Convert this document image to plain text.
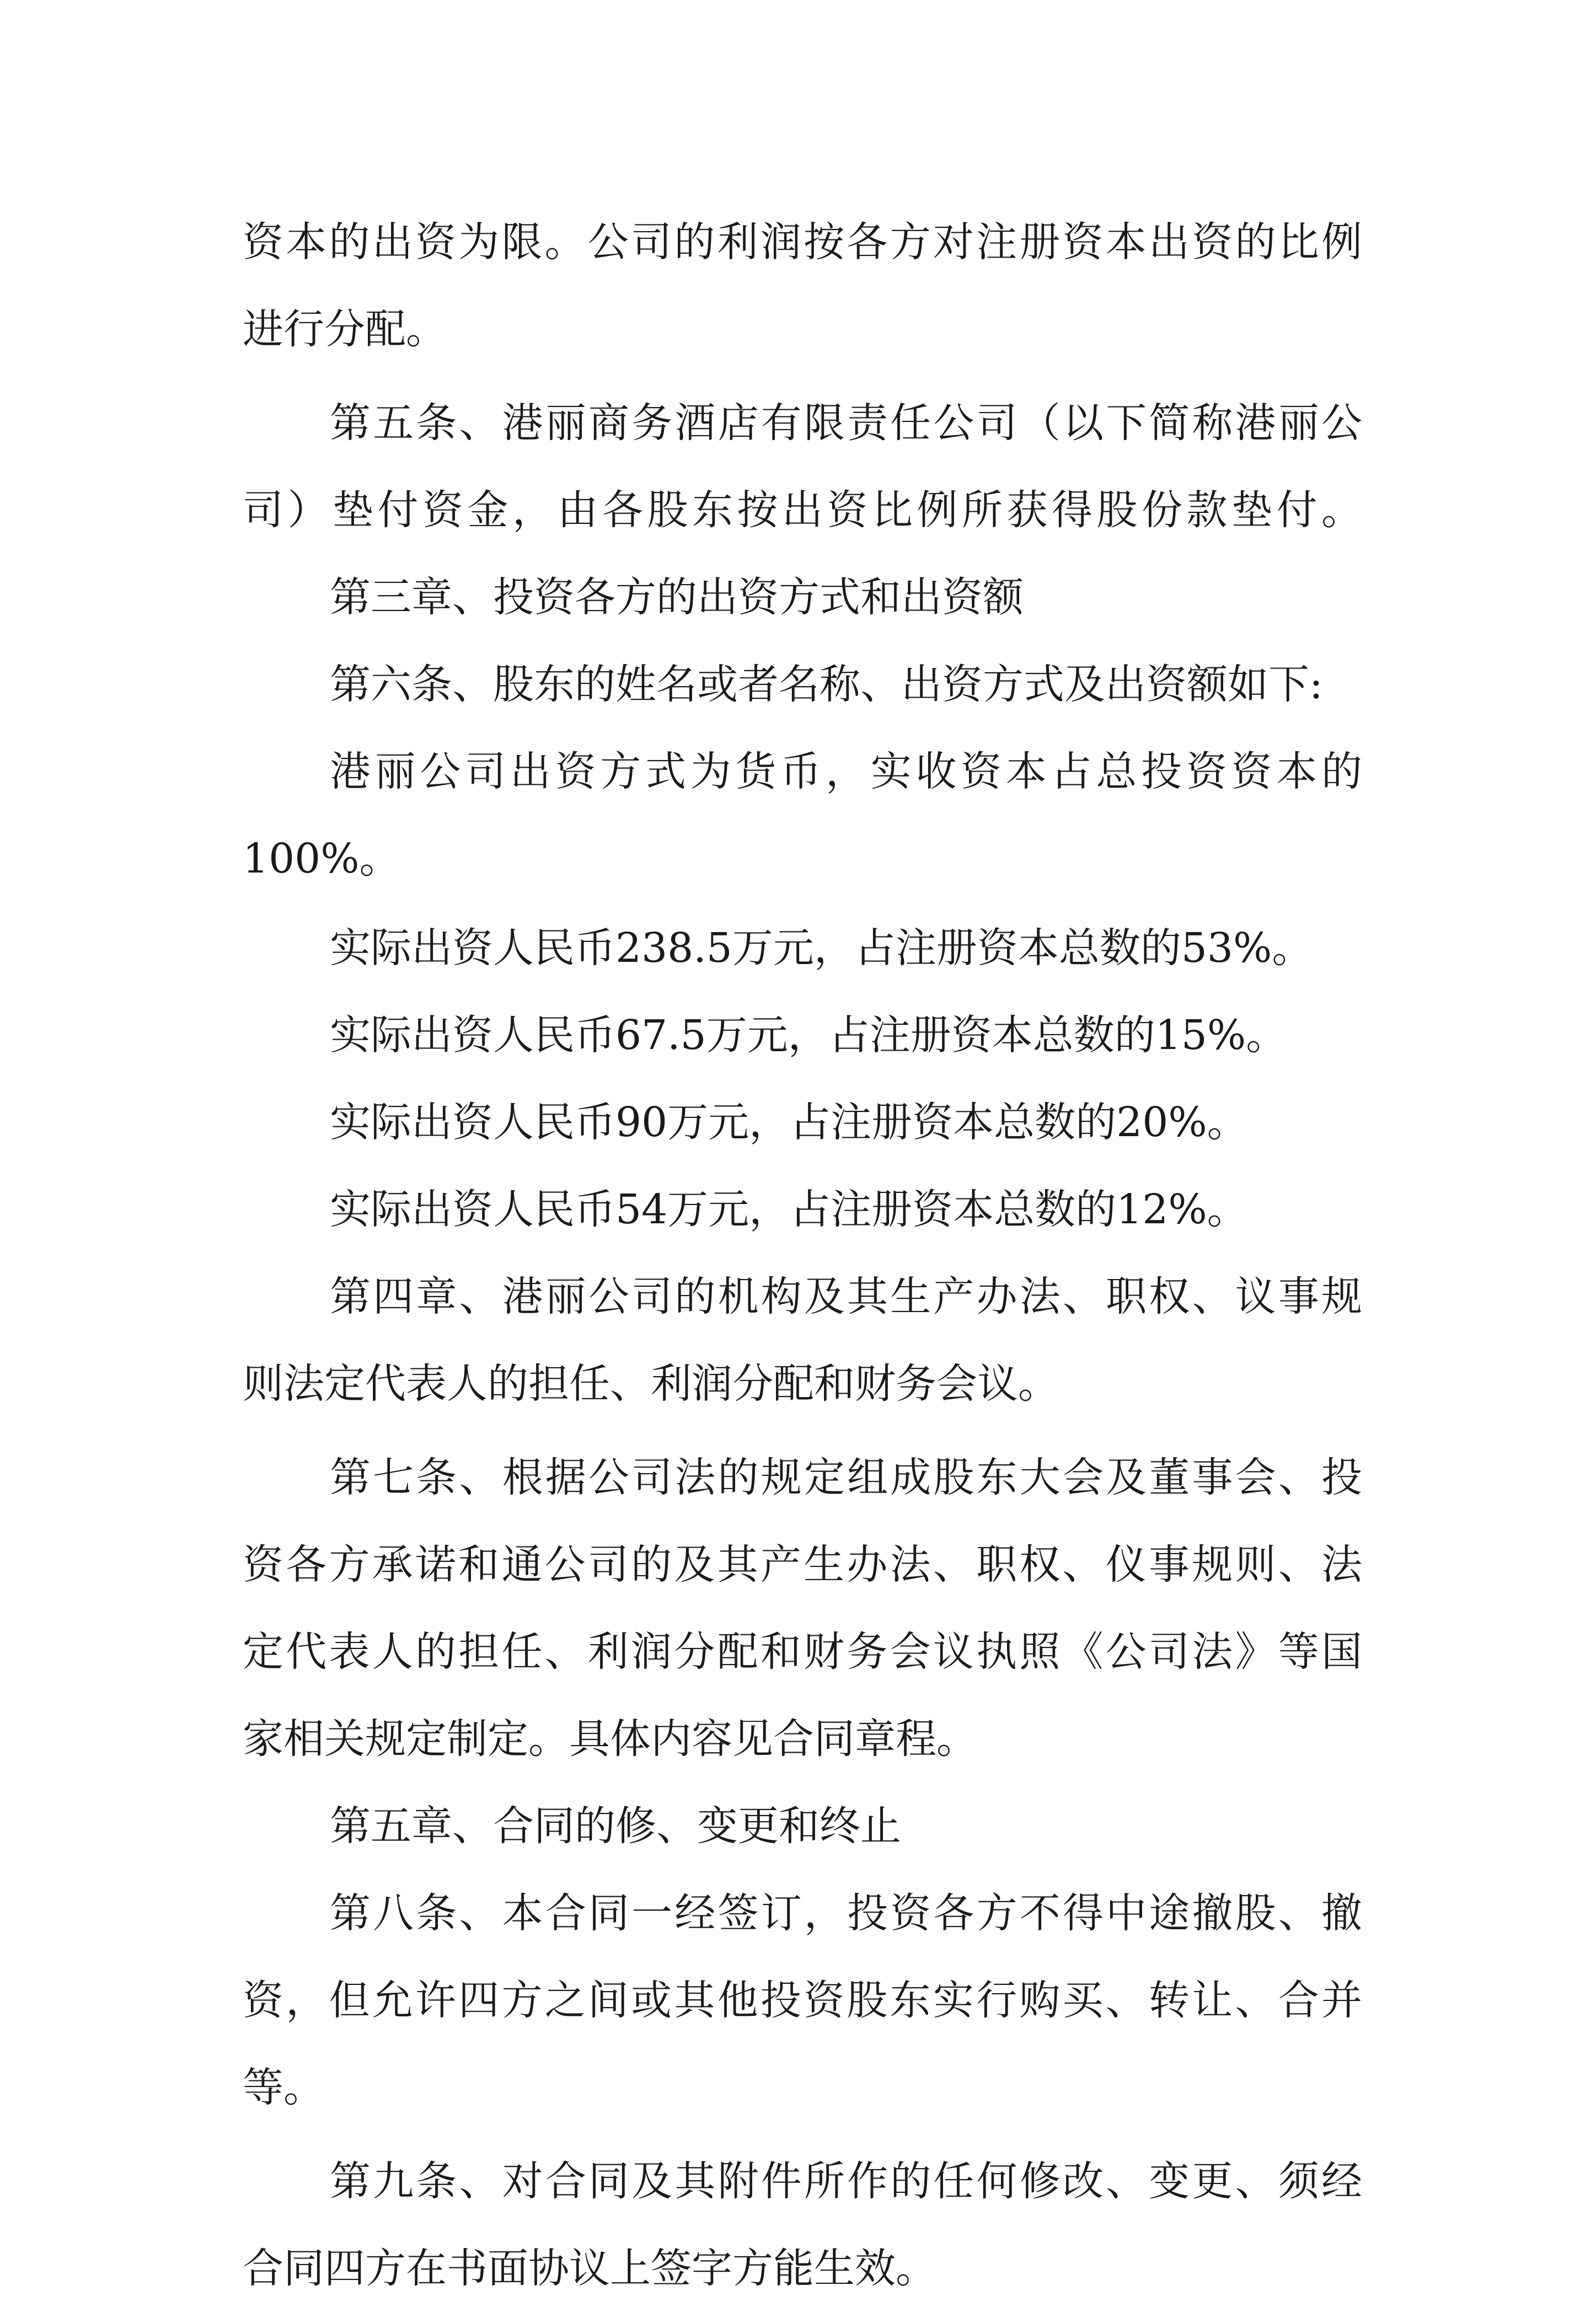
资本的出资为限。公司的利润按各方对注册资本出资的比例
进行分配。
第五条、港丽商务酒店有限责任公司（以下简称港丽公
司）垫付资金，由各股东按出资比例所获得股份款垫付。
第三章、投资各方的出资方式和出资额
第六条、股东的姓名或者名称、出资方式及出资额如下:
港丽公司出资方式为货币，实收资本占总投资资本的
100%。
实际出资人民币238.5万元，占注册资本总数的53%。
实际出资人民币67.5万元，占注册资本总数的15%。
实际出资人民币90万元，占注册资本总数的20%。
实际出资人民币54万元，占注册资本总数的12%。
第四章、港丽公司的机构及其生产办法、职权、议事规
则法定代表人的担任、利润分配和财务会议。
第七条、根据公司法的规定组成股东大会及董事会、投
资各方承诺和通公司的及其产生办法、职权、仪事规则、法
定代表人的担任、利润分配和财务会议执照《公司法》等国
家相关规定制定。具体内容见合同章程。
第五章、合同的修、变更和终止
第八条、本合同一经签订，投资各方不得中途撤股、撤
资，但允许四方之间或其他投资股东实行购买、转让、合并
等。
第九条、对合同及其附件所作的任何修改、变更、须经
合同四方在书面协议上签字方能生效。
